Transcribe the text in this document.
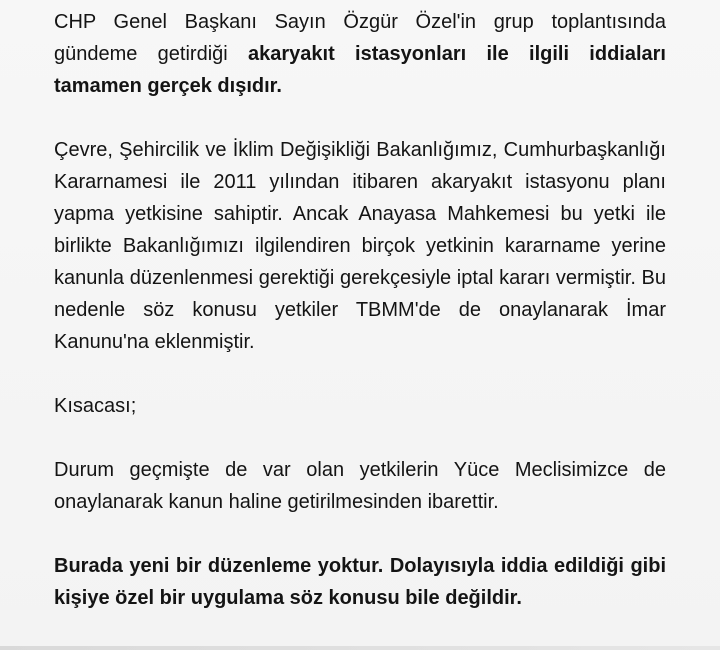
CHP Genel Başkanı Sayın Özgür Özel'in grup toplantısında gündeme getirdiği akaryakıt istasyonları ile ilgili iddiaları tamamen gerçek dışıdır.

Çevre, Şehircilik ve İklim Değişikliği Bakanlığımız, Cumhurbaşkanlığı Kararnamesi ile 2011 yılından itibaren akaryakıt istasyonu planı yapma yetkisine sahiptir. Ancak Anayasa Mahkemesi bu yetki ile birlikte Bakanlığımızı ilgilendiren birçok yetkinin kararname yerine kanunla düzenlenmesi gerektiği gerekçesiyle iptal kararı vermiştir. Bu nedenle söz konusu yetkiler TBMM'de de onaylanarak İmar Kanunu'na eklenmiştir.

Kısacası;

Durum geçmişte de var olan yetkilerin Yüce Meclisimizce de onaylanarak kanun haline getirilmesinden ibarettir.

Burada yeni bir düzenleme yoktur. Dolayısıyla iddia edildiği gibi kişiye özel bir uygulama söz konusu bile değildir.
